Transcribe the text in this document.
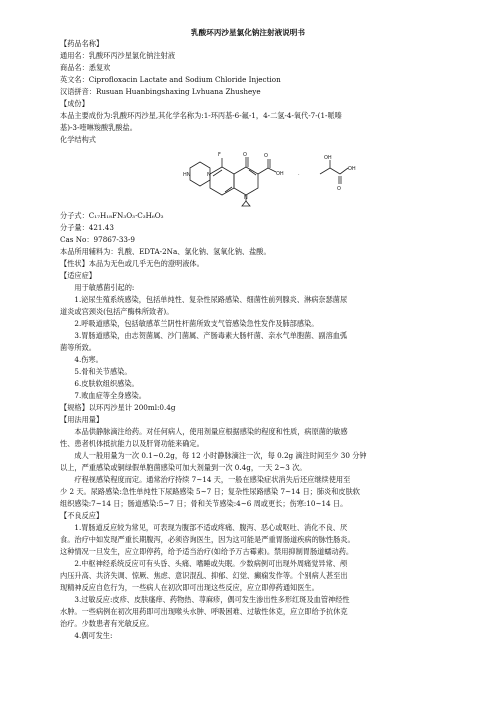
乳酸环丙沙星氯化钠注射液说明书
【药品名称】
通用名：乳酸环丙沙星氯化钠注射液
商品名：悉复欢
英文名：Ciprofloxacin Lactate and Sodium Chloride Injection
汉语拼音：Rusuan Huanbingshaxing Lvhuana Zhusheye
【成份】
本品主要成份为:乳酸环丙沙星,其化学名称为:1-环丙基-6-氟-1，4-二氢-4-氧代-7-(1-哌嗪
基)-3-喹啉羧酸乳酸盐。
化学结构式
分子式：C₁₇H₁₈FN₃O₃·C₃H₆O₃
分子量：421.43
Cas No：97867-33-9
本品所用辅料为：乳酸、EDTA-2Na、氯化钠、氢氧化钠、盐酸。
【性状】本品为无色或几乎无色的澄明液体。
【适应症】
　　用于敏感菌引起的:
　　1.泌尿生殖系统感染，包括单纯性、复杂性尿路感染、细菌性前列腺炎、淋病奈瑟菌尿
道炎或宫颈炎(包括产酶株所致者)。
　　2.呼吸道感染，包括敏感革兰阴性杆菌所致支气管感染急性发作及肺部感染。
　　3.胃肠道感染，由志贺菌属、沙门菌属、产肠毒素大肠杆菌、亲水气单胞菌、副溶血弧
菌等所致。
　　4.伤寒。
　　5.骨和关节感染。
　　6.皮肤软组织感染。
　　7.败血症等全身感染。
【规格】以环丙沙星计 200ml:0.4g
【用法用量】
　　本品供静脉滴注给药。对任何病人，使用剂量应根据感染的程度和性质，病原菌的敏感
性、患者机体抵抗能力以及肝肾功能来确定。
　　成人一般用量为一次 0.1~0.2g，每 12 小时静脉滴注一次，每 0.2g 滴注时间至少 30 分钟
以上，严重感染或铜绿假单胞菌感染可加大剂量到一次 0.4g，一天 2~3 次。
　　疗程视感染程度而定。通常治疗持续 7~14 天，一般在感染症状消失后还应继续使用至
少 2 天。尿路感染:急性单纯性下尿路感染 5~7 日；复杂性尿路感染 7~14 日；肺炎和皮肤软
组织感染:7~14 日；肠道感染:5~7 日；骨和关节感染:4~6 周或更长；伤寒:10~14 日。
【不良反应】
　　1.胃肠道反应较为常见，可表现为腹部不适或疼痛、腹泻、恶心或呕吐、消化不良、厌
食。治疗中如发现严重长期腹泻，必须咨询医生，因为这可能是严重胃肠道疾病的脉性肠炎。
这种情况一旦发生，应立即停药，给予适当治疗(如给予万古霉素)。禁用抑制胃肠道蠕动药。
　　2.中枢神经系统反应可有头昏、头痛、嗜睡或失眠。少数病例可出现外周痛觉异常、颅
内压升高、共济失调、惊厥、焦虑、意识混乱、抑郁、幻觉、癫痫发作等。个别病人甚至出
现精神反应自危行为，一些病人在初次即可出现这些反应，应立即停药通知医生。
　　3.过敏反应:皮疹、皮肤瘙痒、药物热、荨麻疹，偶可发生渗出性多形红斑及血管神经性
水肿。一些病例在初次用药即可出现喉头水肿、呼吸困难、过敏性休克，应立即给予抗休克
治疗。少数患者有光敏反应。
　　4.偶可发生:
F
HN	N
O	O
OH
N
·
OH
OH
O
